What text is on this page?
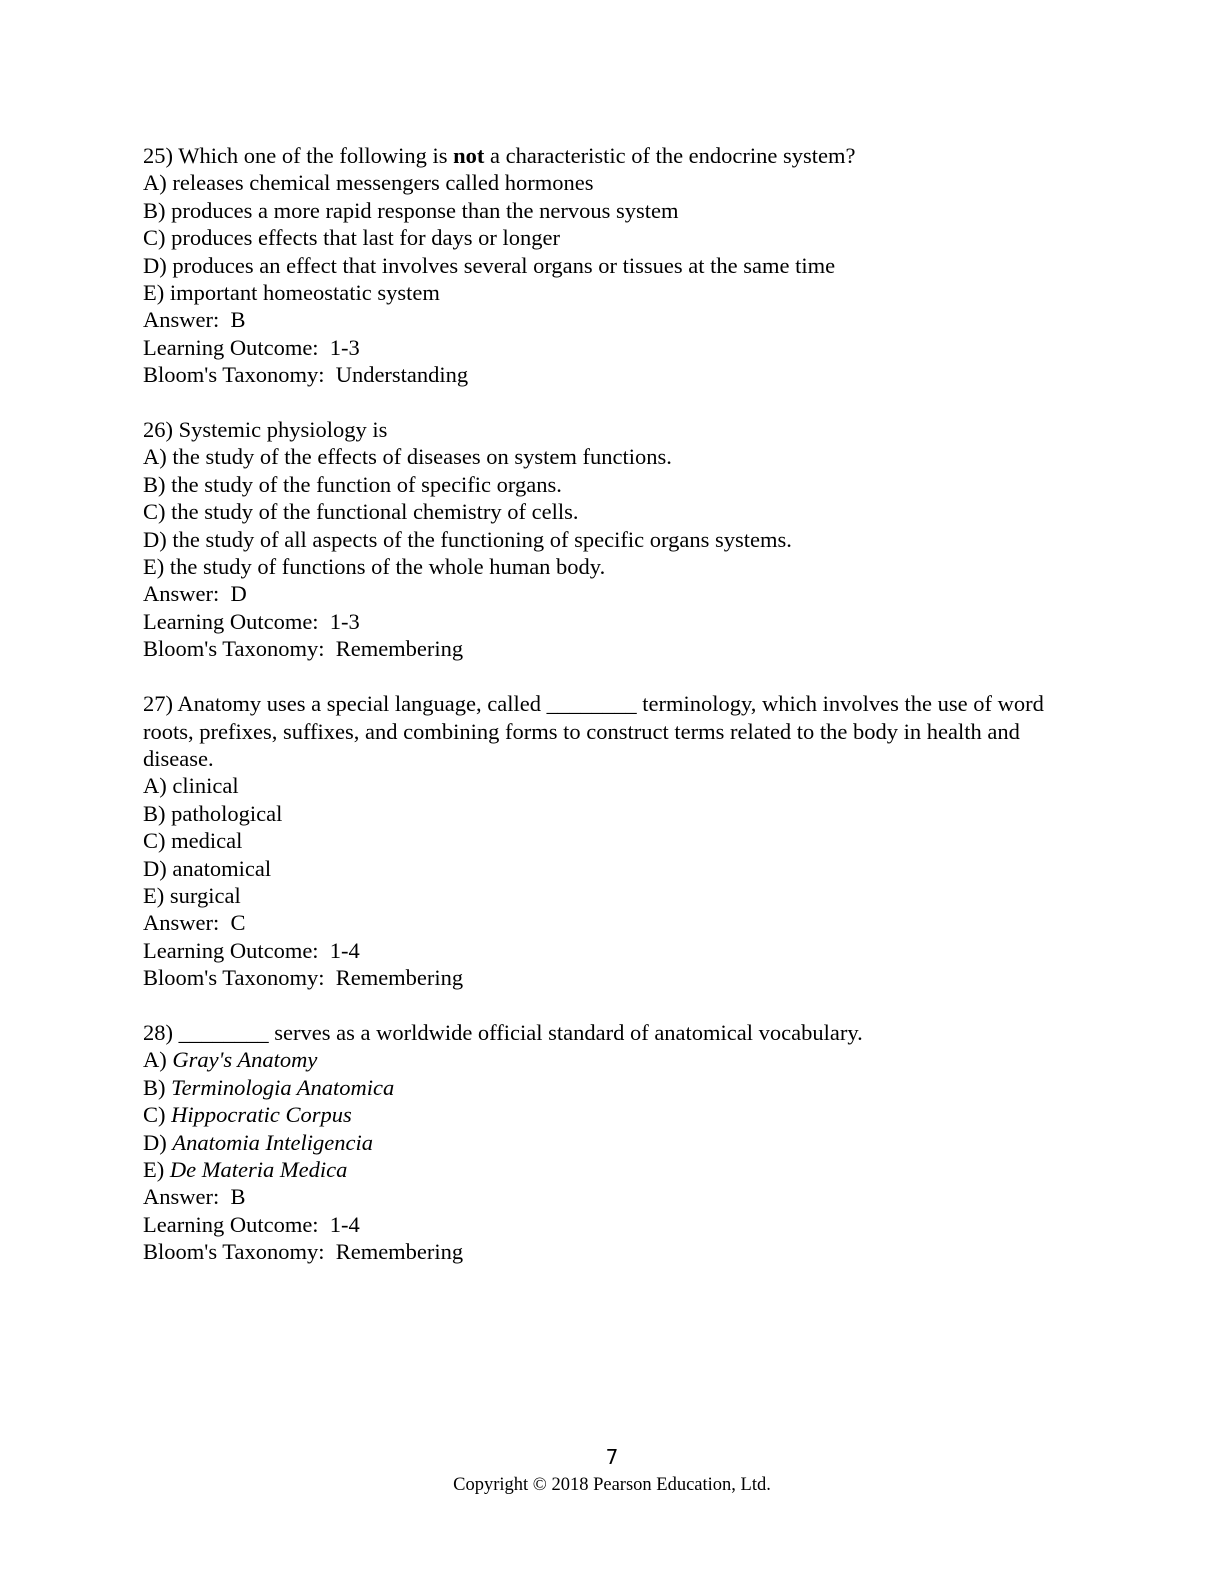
25) Which one of the following is not a characteristic of the endocrine system?
A) releases chemical messengers called hormones
B) produces a more rapid response than the nervous system
C) produces effects that last for days or longer
D) produces an effect that involves several organs or tissues at the same time
E) important homeostatic system
Answer:  B
Learning Outcome:  1-3
Bloom's Taxonomy:  Understanding
26) Systemic physiology is
A) the study of the effects of diseases on system functions.
B) the study of the function of specific organs.
C) the study of the functional chemistry of cells.
D) the study of all aspects of the functioning of specific organs systems.
E) the study of functions of the whole human body.
Answer:  D
Learning Outcome:  1-3
Bloom's Taxonomy:  Remembering
27) Anatomy uses a special language, called ________ terminology, which involves the use of word roots, prefixes, suffixes, and combining forms to construct terms related to the body in health and disease.
A) clinical
B) pathological
C) medical
D) anatomical
E) surgical
Answer:  C
Learning Outcome:  1-4
Bloom's Taxonomy:  Remembering
28) ________ serves as a worldwide official standard of anatomical vocabulary.
A) Gray's Anatomy
B) Terminologia Anatomica
C) Hippocratic Corpus
D) Anatomia Inteligencia
E) De Materia Medica
Answer:  B
Learning Outcome:  1-4
Bloom's Taxonomy:  Remembering
7
Copyright © 2018 Pearson Education, Ltd.
